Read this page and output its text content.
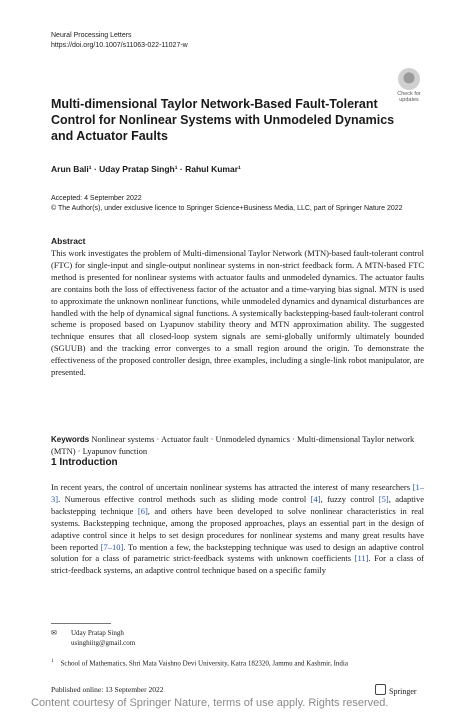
Neural Processing Letters
https://doi.org/10.1007/s11063-022-11027-w
Check for updates
Multi-dimensional Taylor Network-Based Fault-Tolerant Control for Nonlinear Systems with Unmodeled Dynamics and Actuator Faults
Arun Bali¹ · Uday Pratap Singh¹ · Rahul Kumar¹
Accepted: 4 September 2022
© The Author(s), under exclusive licence to Springer Science+Business Media, LLC, part of Springer Nature 2022
Abstract
This work investigates the problem of Multi-dimensional Taylor Network (MTN)-based fault-tolerant control (FTC) for single-input and single-output nonlinear systems in non-strict feedback form. A MTN-based FTC method is presented for nonlinear systems with actuator faults and unmodeled dynamics. The actuator faults are contains both the loss of effectiveness factor of the actuator and a time-varying bias signal. MTN is used to approximate the unknown nonlinear functions, while unmodeled dynamics and dynamical disturbances are handled with the help of dynamical signal functions. A systemically backstepping-based fault-tolerant control scheme is proposed based on Lyapunov stability theory and MTN approximation ability. The suggested technique ensures that all closed-loop system signals are semi-globally uniformly ultimately bounded (SGUUB) and the tracking error converges to a small region around the origin. To demonstrate the effectiveness of the proposed controller design, three examples, including a single-link robot manipulator, are presented.
Keywords Nonlinear systems · Actuator fault · Unmodeled dynamics · Multi-dimensional Taylor network (MTN) · Lyapunov function
1 Introduction
In recent years, the control of uncertain nonlinear systems has attracted the interest of many researchers [1–3]. Numerous effective control methods such as sliding mode control [4], fuzzy control [5], adaptive backstepping technique [6], and others have been developed to solve nonlinear characteristics in real systems. Backstepping technique, among the proposed approaches, plays an essential part in the design of adaptive control since it helps to set design procedures for nonlinear systems and many great results have been reported [7–10]. To mention a few, the backstepping technique was used to design an adaptive control solution for a class of parametric strict-feedback systems with unknown coefficients [11]. For a class of strict-feedback systems, an adaptive control technique based on a specific family
✉ Uday Pratap Singh
usinghiitg@gmail.com
$^1$ School of Mathematics, Shri Mata Vaishno Devi University, Katra 182320, Jammu and Kashmir, India
Published online: 13 September 2022	Springer
Content courtesy of Springer Nature, terms of use apply. Rights reserved.
